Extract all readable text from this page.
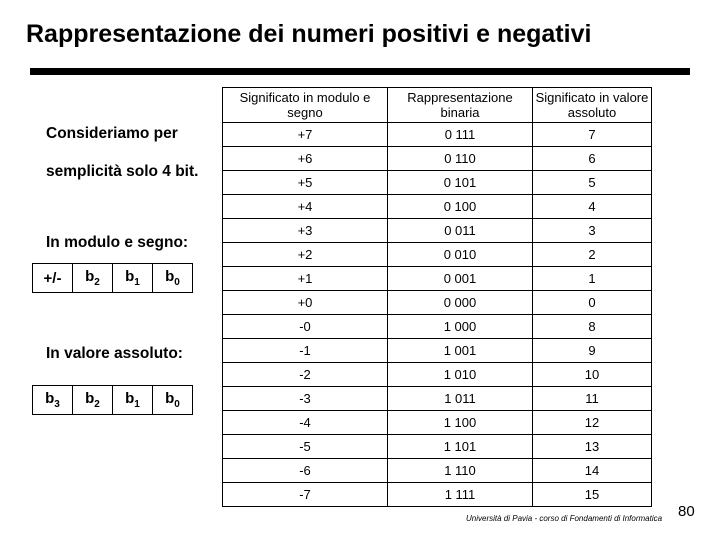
Rappresentazione dei numeri positivi e negativi
Consideriamo per
semplicità solo 4 bit.
In modulo e segno:
+/-	$b_2$	$b_1$	$b_0$
In valore assoluto:
$b_3$	$b_2$	$b_1$	$b_0$
Significato in modulo e segno	Rappresentazione binaria	Significato in valore assoluto
+7	0 111	7
+6	0 110	6
+5	0 101	5
+4	0 100	4
+3	0 011	3
+2	0 010	2
+1	0 001	1
+0	0 000	0
-0	1 000	8
-1	1 001	9
-2	1 010	10
-3	1 011	11
-4	1 100	12
-5	1 101	13
-6	1 110	14
-7	1 111	15
Università di Pavia - corso di Fondamenti di Informatica 80
